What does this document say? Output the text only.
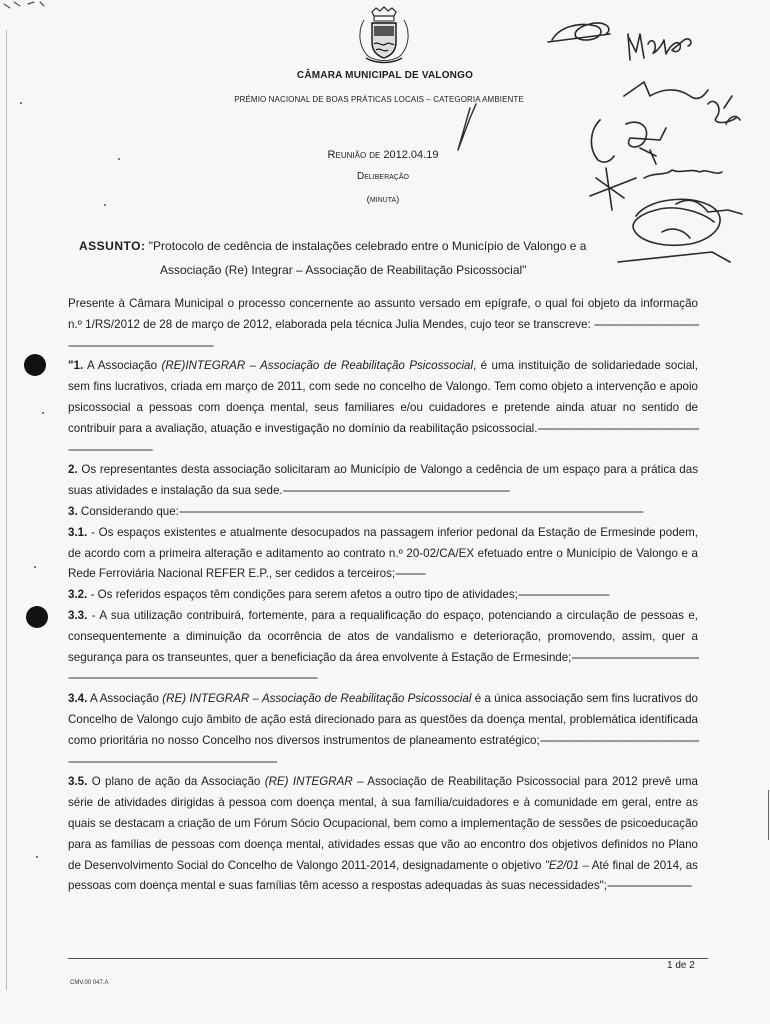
CÂMARA MUNICIPAL DE VALONGO
PRÉMIO NACIONAL DE BOAS PRÁTICAS LOCAIS – CATEGORIA AMBIENTE
Reunião de 2012.04.19
Deliberação
(minuta)
ASSUNTO: "Protocolo de cedência de instalações celebrado entre o Município de Valongo e a
Associação (Re) Integrar – Associação de Reabilitação Psicossocial"

Presente à Câmara Municipal o processo concernente ao assunto versado em epígrafe, o qual foi objeto da informação n.º 1/RS/2012 de 28 de março de 2012, elaborada pela técnica Julia Mendes, cujo teor se transcreve: --------------------------------------------------------------------------------------------------------------

"1. A Associação (RE)INTEGRAR – Associação de Reabilitação Psicossocial, é uma instituição de solidariedade social, sem fins lucrativos, criada em março de 2011, com sede no concelho de Valongo. Tem como objeto a intervenção e apoio psicossocial a pessoas com doença mental, seus familiares e/ou cuidadores e pretende ainda atuar no sentido de contribuir para a avaliação, atuação e investigação no domínio da reabilitação psicossocial.------------------------------------------------------------------------------------------------------------

2. Os representantes desta associação solicitaram ao Município de Valongo a cedência de um espaço para a prática das suas atividades e instalação da sua sede.----------------------------------------------------------------------------------------------------

3. Considerando que:-------------------------------------------------------------------------------------------------------------------------------------------------------------------------------------------------------------

3.1. - Os espaços existentes e atualmente desocupados na passagem inferior pedonal da Estação de Ermesinde podem, de acordo com a primeira alteração e aditamento ao contrato n.º 20-02/CA/EX efetuado entre o Município de Valongo e a Rede Ferroviária Nacional REFER E.P., ser cedidos a terceiros;-------------

3.2. - Os referidos espaços têm condições para serem afetos a outro tipo de atividades;----------------------------------------

3.3. - A sua utilização contribuirá, fortemente, para a requalificação do espaço, potenciando a circulação de pessoas e, consequentemente a diminuição da ocorrência de atos de vandalismo e deterioração, promovendo, assim, quer a segurança para os transeuntes, quer a beneficiação da área envolvente à Estação de Ermesinde;----------------------------------------------------------------------------------------------------------------------------------------------------------------------

3.4. A Associação (RE) INTEGRAR – Associação de Reabilitação Psicossocial é a única associação sem fins lucrativos do Concelho de Valongo cujo âmbito de ação está direcionado para as questões da doença mental, problemática identificada como prioritária no nosso Concelho nos diversos instrumentos de planeamento estratégico;------------------------------------------------------------------------------------------------------------------------------------------------------------------

3.5. O plano de ação da Associação (RE) INTEGRAR – Associação de Reabilitação Psicossocial para 2012 prevê uma série de atividades dirigidas à pessoa com doença mental, à sua família/cuidadores e à comunidade em geral, entre as quais se destacam a criação de um Fórum Sócio Ocupacional, bem como a implementação de sessões de psicoeducação para as famílias de pessoas com doença mental, atividades essas que vão ao encontro dos objetivos definidos no Plano de Desenvolvimento Social do Concelho de Valongo 2011-2014, designadamente o objetivo "E2/01 – Até final de 2014, as pessoas com doença mental e suas famílias têm acesso a respostas adequadas às suas necessidades";-------------------------------------

1 de 2
CMV.00 047.A
